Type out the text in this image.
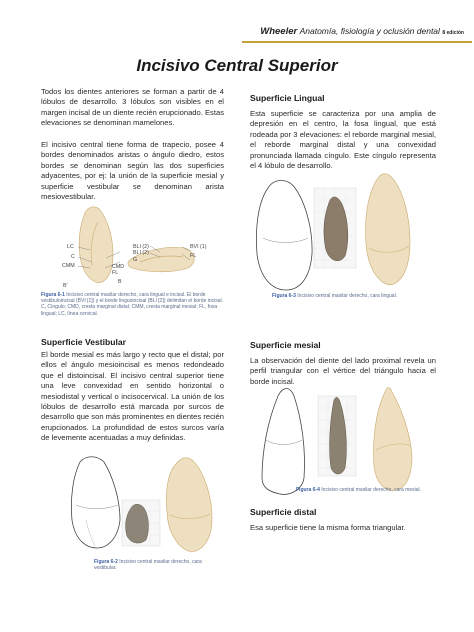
Wheeler Anatomía, fisiología y oclusión dental 8 edición
Incisivo Central Superior
Todos los dientes anteriores se forman a partir de 4 lóbulos de desarrollo. 3 lóbulos son visibles en el margen incisal de un diente recién erupcionado. Estas elevaciones se denominan mamelones.
El incisivo central tiene forma de trapecio, posee 4 bordes denominados aristas o ángulo diedro, estos bordes se denominan según las dos superficies adyacentes, por ej: la unión de la superficie mesial y superficie vestibular se denominan arista mesiovestibular.
LC
C
CMM
B'
BLI (2)
BLI (2)
G
CMD
FL
B
BVI (1)
FL
Figura 6-1 Incisivo central maxilar derecho, cara lingual e incisal. El borde vestibuloincisal (BVI [1]) y el borde linguoincisal (BLI [2]) delimitan el borde incisal. C, Cíngulo; CMD, cresta marginal distal; CMM, cresta marginal mesial; FL, fosa lingual; LC, línea cervical.
Superficie Vestibular
El borde mesial es más largo y recto que el distal; por ellos el ángulo mesioincisal es menos redondeado que el distoincisal. El incisivo central superior tiene una leve convexidad en sentido horizontal o mesiodistal y vertical o incisocervical. La unión de los lóbulos de desarrollo está marcada por surcos de desarrollo que son más prominentes en dientes recién erupcionados. La profundidad de estos surcos varía de levemente acentuadas a muy definidas.
Figura 6-2 Incisivo central maxilar derecho, cara vestibular.
Superficie Lingual
Esta superficie se caracteriza por una amplia de depresión en el centro, la fosa lingual, que está rodeada por 3 elevaciones: el reborde marginal mesial, el reborde marginal distal y una convexidad pronunciada llamada cíngulo. Este cíngulo representa el 4 lóbulo de desarrollo.
Figura 6-3 Incisivo central maxilar derecho, cara lingual.
Superficie mesial
La observación del diente del lado proximal revela un perfil triangular con el vértice del triángulo hacia el borde incisal.
Figura 6-4 Incisivo central maxilar derecho, cara mesial.
Superficie distal
Esa superficie tiene la misma forma triangular.
